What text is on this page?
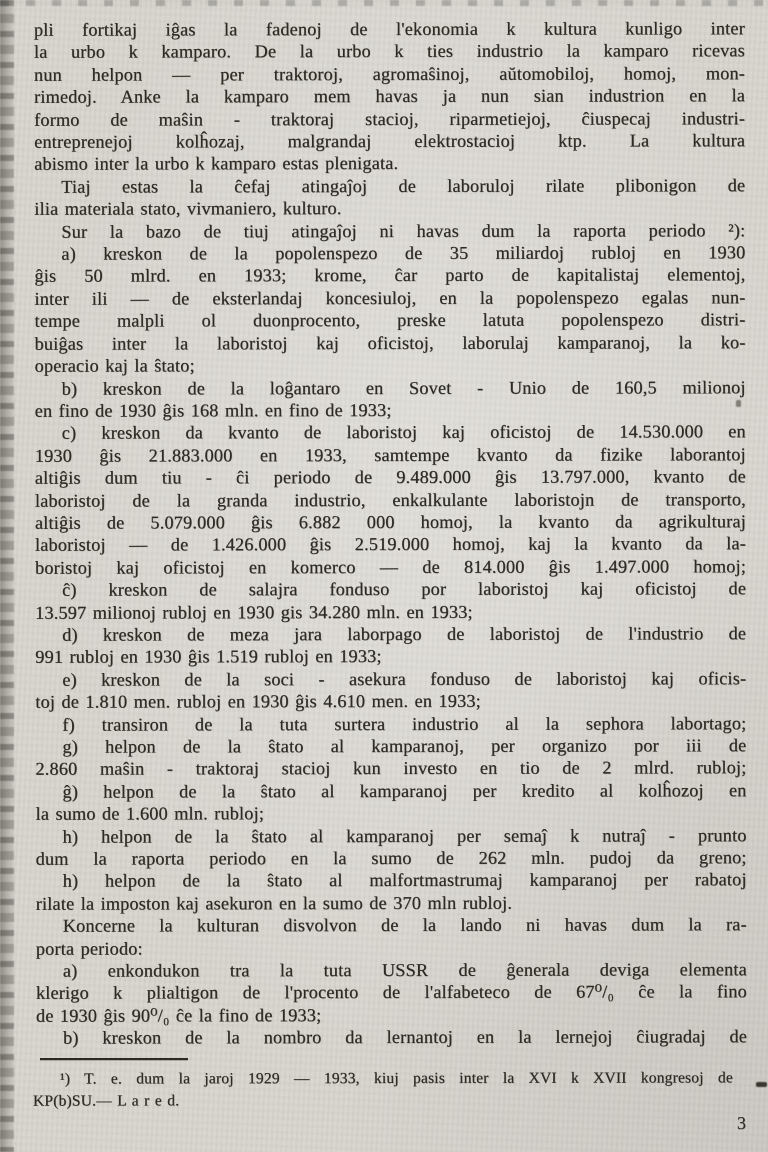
pli fortikaj iĝas la fadenoj de l'ekonomia k kultura kunligo inter
la urbo k kamparo. De la urbo k ties industrio la kamparo ricevas
nun helpon — per traktoroj, agromaŝinoj, aŭtomobiloj, homoj, mon-
rimedoj. Anke la kamparo mem havas ja nun sian industrion en la
formo de maŝin - traktoraj stacioj, riparmetiejoj, ĉiuspecaj industri-
entreprenejoj kolĥozaj, malgrandaj elektrostacioj ktp. La kultura
abismo inter la urbo k kamparo estas plenigata.
Tiaj estas la ĉefaj atingaĵoj de laboruloj rilate plibonigon de
ilia materiala stato, vivmaniero, kulturo.
Sur la bazo de tiuj atingaĵoj ni havas dum la raporta periodo ²):
a) kreskon de la popolenspezo de 35 miliardoj rubloj en 1930
ĝis 50 mlrd. en 1933; krome, ĉar parto de kapitalistaj elementoj,
inter ili — de eksterlandaj koncesiuloj, en la popolenspezo egalas nun-
tempe malpli ol duonprocento, preske latuta popolenspezo distri-
buiĝas inter la laboristoj kaj oficistoj, laborulaj kamparanoj, la ko-
operacio kaj la ŝtato;
b) kreskon de la loĝantaro en Sovet - Unio de 160,5 milionoj
en fino de 1930 ĝis 168 mln. en fino de 1933;
c) kreskon da kvanto de laboristoj kaj oficistoj de 14.530.000 en
1930 ĝis 21.883.000 en 1933, samtempe kvanto da fizike laborantoj
altiĝis dum tiu - ĉi periodo de 9.489.000 ĝis 13.797.000, kvanto de
laboristoj de la granda industrio, enkalkulante laboristojn de transporto,
altiĝis de 5.079.000 ĝis 6.882 000 homoj, la kvanto da agrikulturaj
laboristoj — de 1.426.000 ĝis 2.519.000 homoj, kaj la kvanto da la-
boristoj kaj oficistoj en komerco — de 814.000 ĝis 1.497.000 homoj;
ĉ) kreskon de salajra fonduso por laboristoj kaj oficistoj de
13.597 milionoj rubloj en 1930 gis 34.280 mln. en 1933;
d) kreskon de meza jara laborpago de laboristoj de l'industrio de
991 rubloj en 1930 ĝis 1.519 rubloj en 1933;
e) kreskon de la soci - asekura fonduso de laboristoj kaj oficis-
toj de 1.810 men. rubloj en 1930 ĝis 4.610 men. en 1933;
f) transiron de la tuta surtera industrio al la sephora labortago;
g) helpon de la ŝtato al kamparanoj, per organizo por iii de
2.860 maŝin - traktoraj stacioj kun investo en tio de 2 mlrd. rubloj;
ĝ) helpon de la ŝtato al kamparanoj per kredito al kolĥozoj en
la sumo de 1.600 mln. rubloj;
h) helpon de la ŝtato al kamparanoj per semaĵ k nutraĵ - prunto
dum la raporta periodo en la sumo de 262 mln. pudoj da greno;
h) helpon de la ŝtato al malfortmastrumaj kamparanoj per rabatoj
rilate la imposton kaj asekuron en la sumo de 370 mln rubloj.
Koncerne la kulturan disvolvon de la lando ni havas dum la ra-
porta periodo:
a) enkondukon tra la tuta USSR de ĝenerala deviga elementa
klerigo k plialtigon de l'procento de l'alfabeteco de 67⁰/₀ ĉe la fino
de 1930 ĝis 90⁰/₀ ĉe la fino de 1933;
b) kreskon de la nombro da lernantoj en la lernejoj ĉiugradaj de
¹) T. e. dum la jaroj 1929 — 1933, kiuj pasis inter la XVI k XVII kongresoj de
KP(b)SU.— L a r e d.
3
